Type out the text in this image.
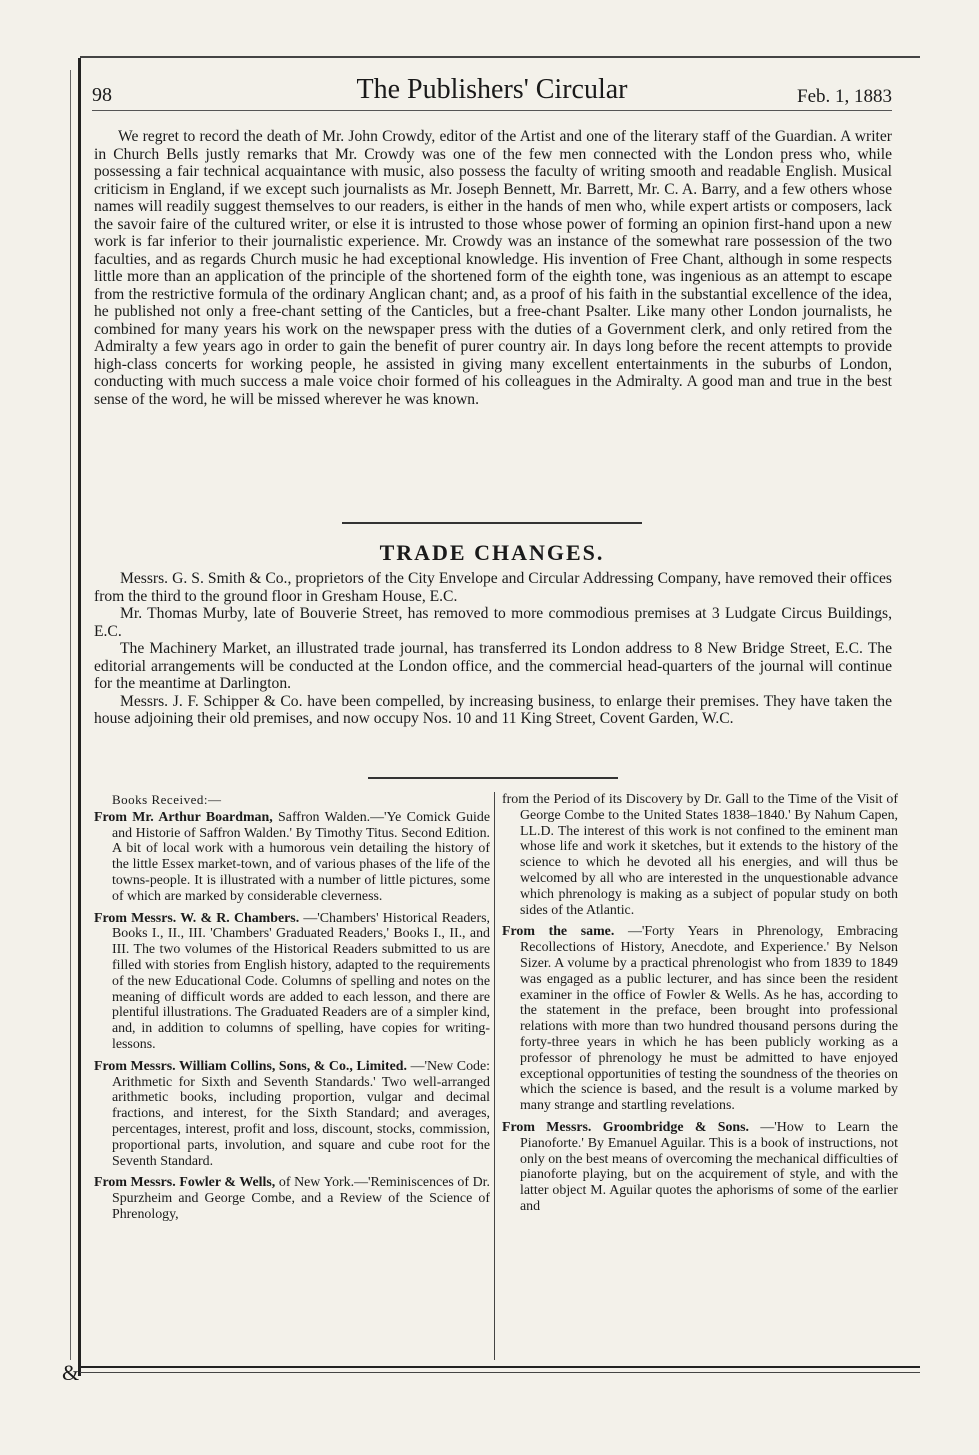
98	The Publishers' Circular	Feb. 1, 1883

We regret to record the death of Mr. John Crowdy, editor of the Artist and one of the literary staff of the Guardian. A writer in Church Bells justly remarks that Mr. Crowdy was one of the few men connected with the London press who, while possessing a fair technical acquaintance with music, also possess the faculty of writing smooth and readable English. Musical criticism in England, if we except such journalists as Mr. Joseph Bennett, Mr. Barrett, Mr. C. A. Barry, and a few others whose names will readily suggest themselves to our readers, is either in the hands of men who, while expert artists or composers, lack the savoir faire of the cultured writer, or else it is intrusted to those whose power of forming an opinion first-hand upon a new work is far inferior to their journalistic experience. Mr. Crowdy was an instance of the somewhat rare possession of the two faculties, and as regards Church music he had exceptional knowledge. His invention of Free Chant, although in some respects little more than an application of the principle of the shortened form of the eighth tone, was ingenious as an attempt to escape from the restrictive formula of the ordinary Anglican chant; and, as a proof of his faith in the substantial excellence of the idea, he published not only a free-chant setting of the Canticles, but a free-chant Psalter. Like many other London journalists, he combined for many years his work on the newspaper press with the duties of a Government clerk, and only retired from the Admiralty a few years ago in order to gain the benefit of purer country air. In days long before the recent attempts to provide high-class concerts for working people, he assisted in giving many excellent entertainments in the suburbs of London, conducting with much success a male voice choir formed of his colleagues in the Admiralty. A good man and true in the best sense of the word, he will be missed wherever he was known.

TRADE CHANGES.

Messrs. G. S. Smith & Co., proprietors of the City Envelope and Circular Addressing Company, have removed their offices from the third to the ground floor in Gresham House, E.C.

Mr. Thomas Murby, late of Bouverie Street, has removed to more commodious premises at 3 Ludgate Circus Buildings, E.C.

The Machinery Market, an illustrated trade journal, has transferred its London address to 8 New Bridge Street, E.C. The editorial arrangements will be conducted at the London office, and the commercial head-quarters of the journal will continue for the meantime at Darlington.

Messrs. J. F. Schipper & Co. have been compelled, by increasing business, to enlarge their premises. They have taken the house adjoining their old premises, and now occupy Nos. 10 and 11 King Street, Covent Garden, W.C.

Books Received:—

From Mr. Arthur Boardman, Saffron Walden.—'Ye Comick Guide and Historie of Saffron Walden.' By Timothy Titus. Second Edition. A bit of local work with a humorous vein detailing the history of the little Essex market-town, and of various phases of the life of the towns-people. It is illustrated with a number of little pictures, some of which are marked by considerable cleverness.

From Messrs. W. & R. Chambers. —'Chambers' Historical Readers, Books I., II., III. 'Chambers' Graduated Readers,' Books I., II., and III. The two volumes of the Historical Readers submitted to us are filled with stories from English history, adapted to the requirements of the new Educational Code. Columns of spelling and notes on the meaning of difficult words are added to each lesson, and there are plentiful illustrations. The Graduated Readers are of a simpler kind, and, in addition to columns of spelling, have copies for writing-lessons.

From Messrs. William Collins, Sons, & Co., Limited. —'New Code: Arithmetic for Sixth and Seventh Standards.' Two well-arranged arithmetic books, including proportion, vulgar and decimal fractions, and interest, for the Sixth Standard; and averages, percentages, interest, profit and loss, discount, stocks, commission, proportional parts, involution, and square and cube root for the Seventh Standard.

From Messrs. Fowler & Wells, of New York.—'Reminiscences of Dr. Spurzheim and George Combe, and a Review of the Science of Phrenology,

from the Period of its Discovery by Dr. Gall to the Time of the Visit of George Combe to the United States 1838–1840.' By Nahum Capen, LL.D. The interest of this work is not confined to the eminent man whose life and work it sketches, but it extends to the history of the science to which he devoted all his energies, and will thus be welcomed by all who are interested in the unquestionable advance which phrenology is making as a subject of popular study on both sides of the Atlantic.

From the same. —'Forty Years in Phrenology, Embracing Recollections of History, Anecdote, and Experience.' By Nelson Sizer. A volume by a practical phrenologist who from 1839 to 1849 was engaged as a public lecturer, and has since been the resident examiner in the office of Fowler & Wells. As he has, according to the statement in the preface, been brought into professional relations with more than two hundred thousand persons during the forty-three years in which he has been publicly working as a professor of phrenology he must be admitted to have enjoyed exceptional opportunities of testing the soundness of the theories on which the science is based, and the result is a volume marked by many strange and startling revelations.

From Messrs. Groombridge & Sons. —'How to Learn the Pianoforte.' By Emanuel Aguilar. This is a book of instructions, not only on the best means of overcoming the mechanical difficulties of pianoforte playing, but on the acquirement of style, and with the latter object M. Aguilar quotes the aphorisms of some of the earlier and

&
